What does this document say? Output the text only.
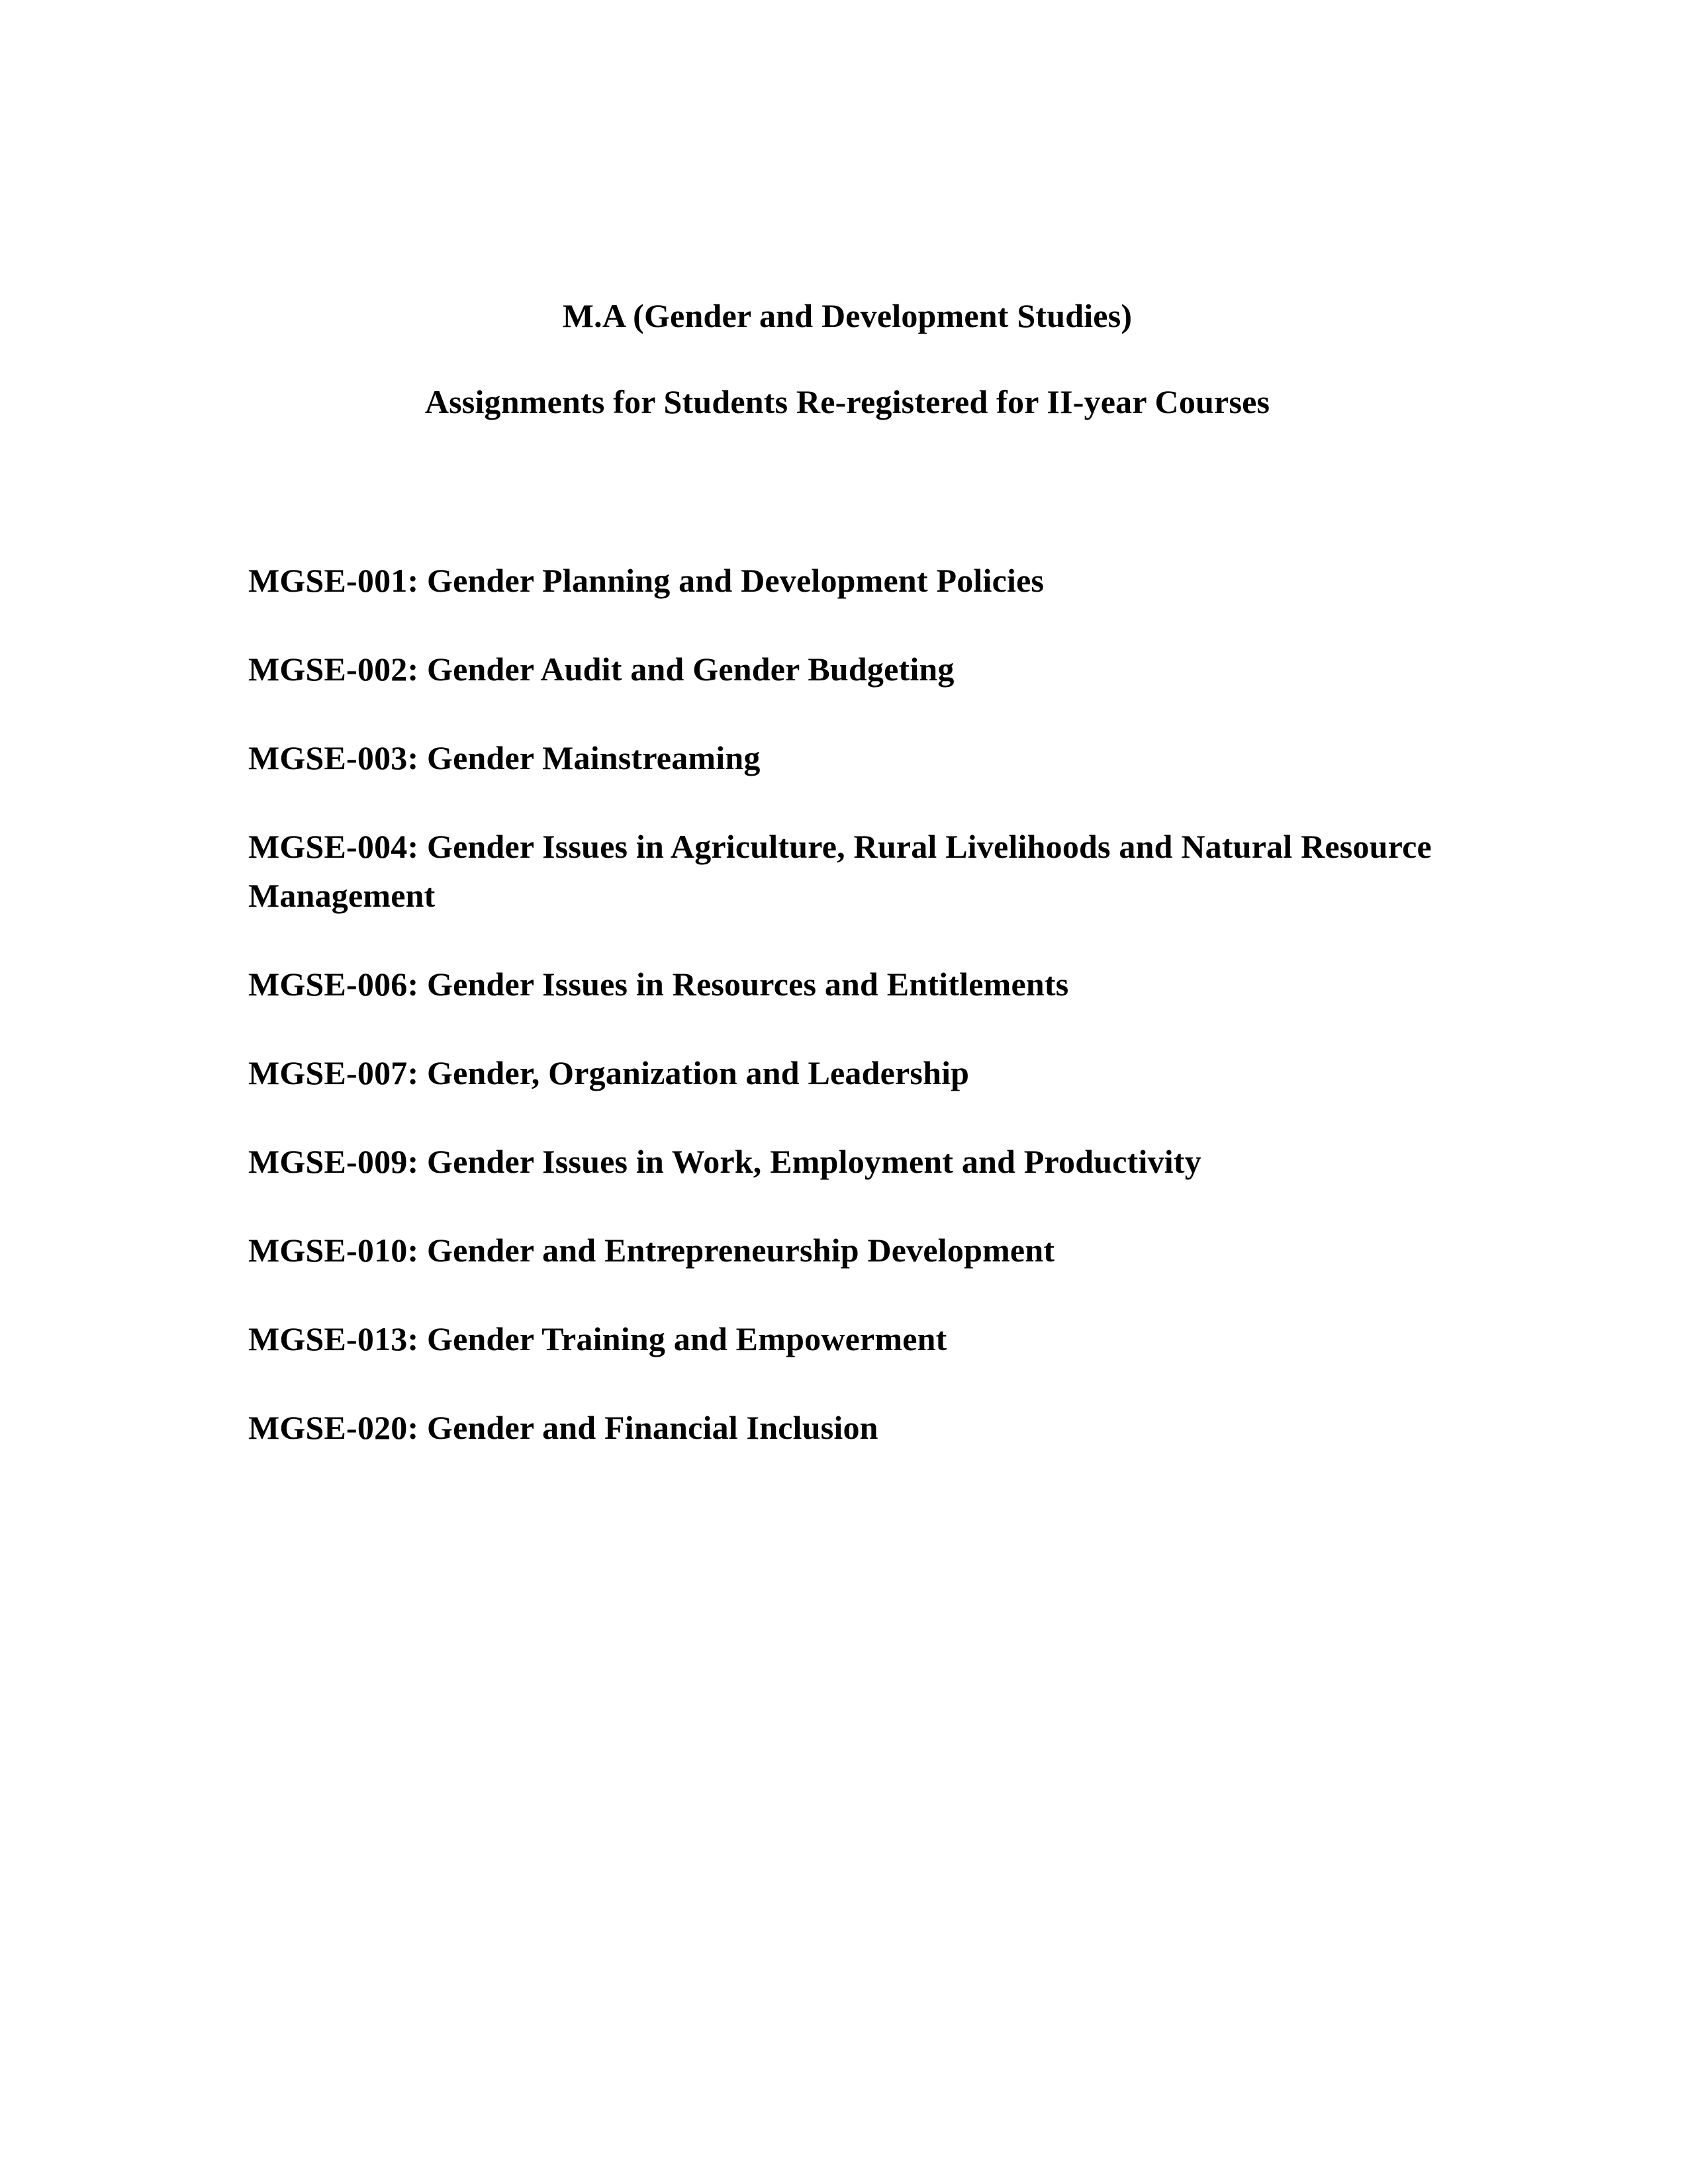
M.A (Gender and Development Studies)

Assignments for Students Re-registered for II-year Courses

MGSE-001: Gender Planning and Development Policies

MGSE-002: Gender Audit and Gender Budgeting

MGSE-003: Gender Mainstreaming

MGSE-004: Gender Issues in Agriculture, Rural Livelihoods and Natural Resource Management

MGSE-006: Gender Issues in Resources and Entitlements

MGSE-007: Gender, Organization and Leadership

MGSE-009: Gender Issues in Work, Employment and Productivity

MGSE-010: Gender and Entrepreneurship Development

MGSE-013: Gender Training and Empowerment

MGSE-020: Gender and Financial Inclusion
